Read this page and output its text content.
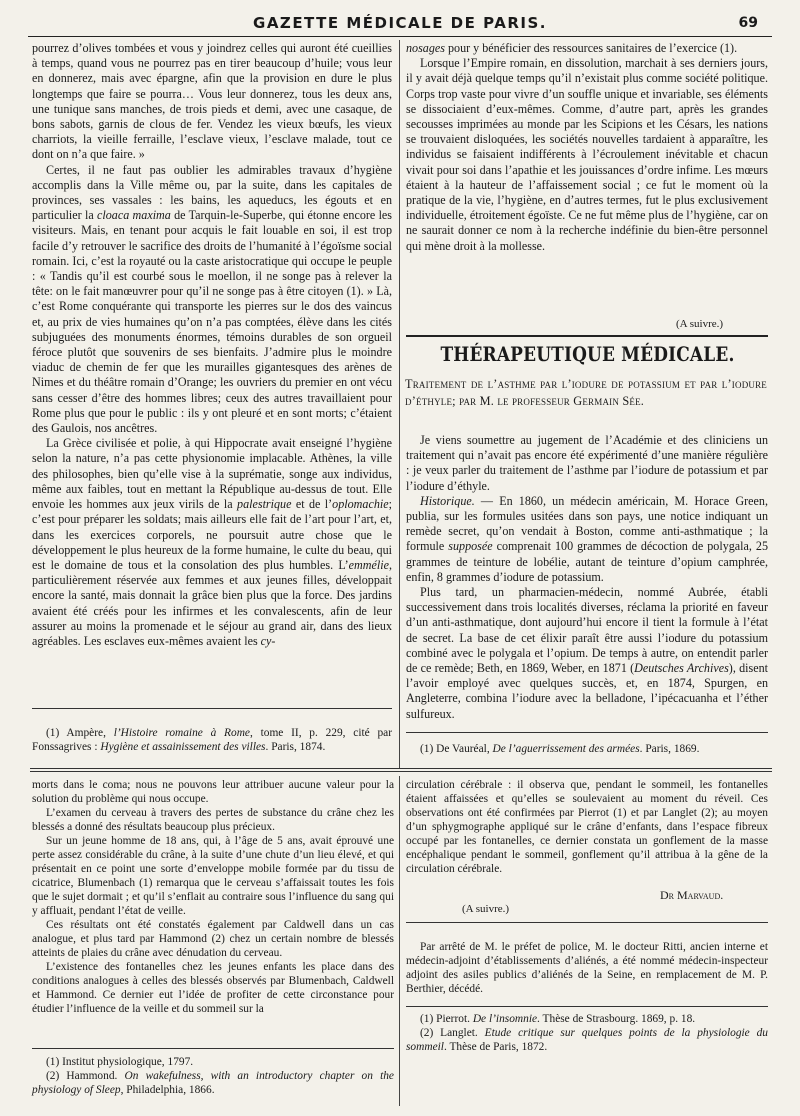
GAZETTE MÉDICALE DE PARIS.	69

pourrez d’olives tombées et vous y joindrez celles qui auront été cueillies à temps, quand vous ne pourrez pas en tirer beaucoup d’huile; vous leur en donnerez, mais avec épargne, afin que la provision en dure le plus longtemps que faire se pourra… Vous leur donnerez, tous les deux ans, une tunique sans manches, de trois pieds et demi, avec une casaque, de bons sabots, garnis de clous de fer. Vendez les vieux bœufs, les vieux charriots, la vieille ferraille, l’esclave vieux, l’esclave malade, tout ce dont on n’a que faire. »

Certes, il ne faut pas oublier les admirables travaux d’hygiène accomplis dans la Ville même ou, par la suite, dans les capitales de provinces, ses vassales : les bains, les aqueducs, les égouts et en particulier la cloaca maxima de Tarquin-le-Superbe, qui étonne encore les visiteurs. Mais, en tenant pour acquis le fait louable en soi, il est trop facile d’y retrouver le sacrifice des droits de l’humanité à l’égoïsme social romain. Ici, c’est la royauté ou la caste aristocratique qui occupe le peuple : « Tandis qu’il est courbé sous le moellon, il ne songe pas à relever la tête: on le fait manœuvrer pour qu’il ne songe pas à être citoyen (1). » Là, c’est Rome conquérante qui transporte les pierres sur le dos des vaincus et, au prix de vies humaines qu’on n’a pas comptées, élève dans les cités subjuguées des monuments énormes, témoins durables de son orgueil féroce plutôt que souvenirs de ses bienfaits. J’admire plus le moindre viaduc de chemin de fer que les murailles gigantesques des arènes de Nimes et du théâtre romain d’Orange; les ouvriers du premier en ont vécu sans cesser d’être des hommes libres; ceux des autres travaillaient pour Rome plus que pour le public : ils y ont pleuré et en sont morts; c’étaient des Gaulois, nos ancêtres.

La Grèce civilisée et polie, à qui Hippocrate avait enseigné l’hygiène selon la nature, n’a pas cette physionomie implacable. Athènes, la ville des philosophes, bien qu’elle vise à la suprématie, songe aux individus, même aux faibles, tout en mettant la République au-dessus de tout. Elle envoie les hommes aux jeux virils de la palestrique et de l’oplomachie; c’est pour préparer les soldats; mais ailleurs elle fait de l’art pour l’art, et, dans les exercices corporels, ne poursuit autre chose que le développement le plus heureux de la forme humaine, le culte du beau, qui est le domaine de tous et la consolation des plus humbles. L’emmélie, particulièrement réservée aux femmes et aux jeunes filles, développait encore la santé, mais donnait la grâce bien plus que la force. Des jardins avaient été créés pour les infirmes et les convalescents, afin de leur assurer au moins la promenade et le séjour au grand air, dans des lieux agréables. Les esclaves eux-mêmes avaient les cy-

(1) Ampère, l’Histoire romaine à Rome, tome II, p. 229, cité par Fonssagrives : Hygiène et assainissement des villes. Paris, 1874.

nosages pour y bénéficier des ressources sanitaires de l’exercice (1).

Lorsque l’Empire romain, en dissolution, marchait à ses derniers jours, il y avait déjà quelque temps qu’il n’existait plus comme société politique. Corps trop vaste pour vivre d’un souffle unique et invariable, ses éléments se dissociaient d’eux-mêmes. Comme, d’autre part, après les grandes secousses imprimées au monde par les Scipions et les Césars, les nations se trouvaient disloquées, les sociétés nouvelles tardaient à apparaître, les individus se faisaient indifférents à l’écroulement inévitable et chacun vivait pour soi dans l’apathie et les jouissances d’ordre infime. Les mœurs étaient à la hauteur de l’affaissement social ; ce fut le moment où la pratique de la vie, l’hygiène, en d’autres termes, fut le plus exclusivement individuelle, étroitement égoïste. Ce ne fut même plus de l’hygiène, car on ne saurait donner ce nom à la recherche indéfinie du bien-être personnel qui mène droit à la mollesse.

(A suivre.)
THÉRAPEUTIQUE MÉDICALE.
Traitement de l’asthme par l’iodure de potassium et par l’iodure d’éthyle; par M. le professeur Germain Sée.

Je viens soumettre au jugement de l’Académie et des cliniciens un traitement qui n’avait pas encore été expérimenté d’une manière régulière : je veux parler du traitement de l’asthme par l’iodure de potassium et par l’iodure d’éthyle.

Historique. — En 1860, un médecin américain, M. Horace Green, publia, sur les formules usitées dans son pays, une notice indiquant un remède secret, qu’on vendait à Boston, comme anti-asthmatique ; la formule supposée comprenait 100 grammes de décoction de polygala, 25 grammes de teinture de lobélie, autant de teinture d’opium camphrée, enfin, 8 grammes d’iodure de potassium.

Plus tard, un pharmacien-médecin, nommé Aubrée, établi successivement dans trois localités diverses, réclama la priorité en faveur d’un anti-asthmatique, dont aujourd’hui encore il tient la formule à l’état de secret. La base de cet élixir paraît être aussi l’iodure du potassium combiné avec le polygala et l’opium. De temps à autre, on entendit parler de ce remède; Beth, en 1869, Weber, en 1871 (Deutsches Archives), disent l’avoir employé avec quelques succès, et, en 1874, Spurgen, en Angleterre, combina l’iodure avec la belladone, l’ipécacuanha et l’éther sulfureux.

(1) De Vauréal, De l’aguerrissement des armées. Paris, 1869.

morts dans le coma; nous ne pouvons leur attribuer aucune valeur pour la solution du problème qui nous occupe.

L’examen du cerveau à travers des pertes de substance du crâne chez les blessés a donné des résultats beaucoup plus précieux.

Sur un jeune homme de 18 ans, qui, à l’âge de 5 ans, avait éprouvé une perte assez considérable du crâne, à la suite d’une chute d’un lieu élevé, et qui présentait en ce point une sorte d’enveloppe mobile formée par du tissu de cicatrice, Blumenbach (1) remarqua que le cerveau s’affaissait toutes les fois que le sujet dormait ; et qu’il s’enflait au contraire sous l’influence du sang qui y affluait, pendant l’état de veille.

Ces résultats ont été constatés également par Caldwell dans un cas analogue, et plus tard par Hammond (2) chez un certain nombre de blessés atteints de plaies du crâne avec dénudation du cerveau.

L’existence des fontanelles chez les jeunes enfants les place dans des conditions analogues à celles des blessés observés par Blumenbach, Caldwell et Hammond. Ce dernier eut l’idée de profiter de cette circonstance pour étudier l’influence de la veille et du sommeil sur la

(1) Institut physiologique, 1797.

(2) Hammond. On wakefulness, with an introductory chapter on the physiology of Sleep, Philadelphia, 1866.

circulation cérébrale : il observa que, pendant le sommeil, les fontanelles étaient affaissées et qu’elles se soulevaient au moment du réveil. Ces observations ont été confirmées par Pierrot (1) et par Langlet (2); au moyen d’un sphygmographe appliqué sur le crâne d’enfants, dans l’espace fibreux occupé par les fontanelles, ce dernier constata un gonflement de la masse encéphalique pendant le sommeil, gonflement qu’il attribua à la gêne de la circulation cérébrale.

Dr Marvaud.
(A suivre.)

Par arrêté de M. le préfet de police, M. le docteur Ritti, ancien interne et médecin-adjoint d’établissements d’aliénés, a été nommé médecin-inspecteur adjoint des asiles publics d’aliénés de la Seine, en remplacement de M. P. Berthier, décédé.

(1) Pierrot. De l’insomnie. Thèse de Strasbourg. 1869, p. 18.

(2) Langlet. Etude critique sur quelques points de la physiologie du sommeil. Thèse de Paris, 1872.
